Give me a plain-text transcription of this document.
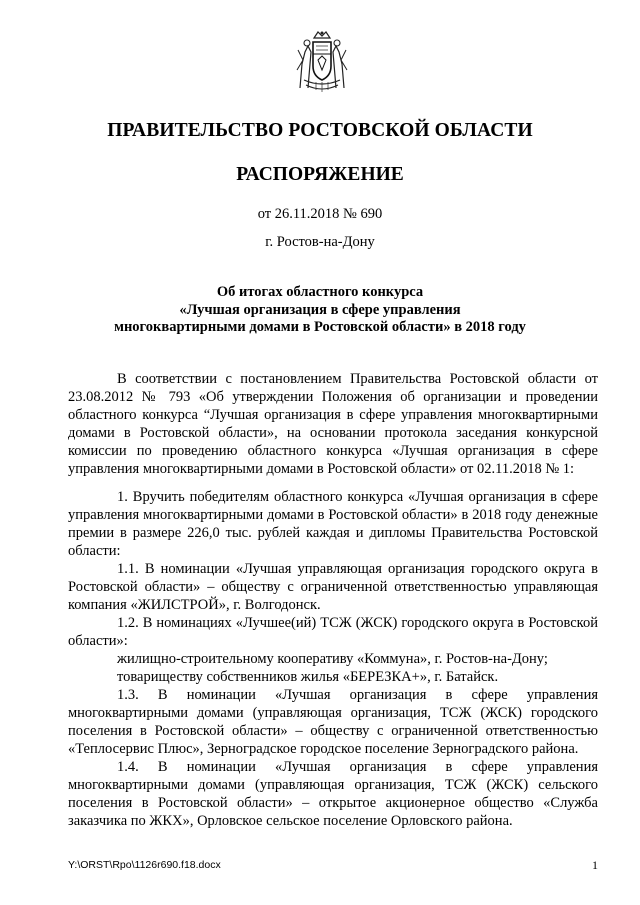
ПРАВИТЕЛЬСТВО РОСТОВСКОЙ ОБЛАСТИ
РАСПОРЯЖЕНИЕ
от 26.11.2018 № 690
г. Ростов-на-Дону
Об итогах областного конкурса
«Лучшая организация в сфере управления
многоквартирными домами в Ростовской области» в 2018 году

В соответствии с постановлением Правительства Ростовской области от 23.08.2012 № 793 «Об утверждении Положения об организации и проведении областного конкурса “Лучшая организация в сфере управления многоквартирными домами в Ростовской области», на основании протокола заседания конкурсной комиссии по проведению областного конкурса «Лучшая организация в сфере управления многоквартирными домами в Ростовской области» от 02.11.2018 № 1:

1. Вручить победителям областного конкурса «Лучшая организация в сфере управления многоквартирными домами в Ростовской области» в 2018 году денежные премии в размере 226,0 тыс. рублей каждая и дипломы Правительства Ростовской области:

1.1. В номинации «Лучшая управляющая организация городского округа в Ростовской области» – обществу с ограниченной ответственностью управляющая компания «ЖИЛСТРОЙ», г. Волгодонск.

1.2. В номинациях «Лучшее(ий) ТСЖ (ЖСК) городского округа в Ростовской области»:

жилищно-строительному кооперативу «Коммуна», г. Ростов-на-Дону;

товариществу собственников жилья «БЕРЕЗКА+», г. Батайск.

1.3. В номинации «Лучшая организация в сфере управления многоквартирными домами (управляющая организация, ТСЖ (ЖСК) городского поселения в Ростовской области» – обществу с ограниченной ответственностью «Теплосервис Плюс», Зерноградское городское поселение Зерноградского района.

1.4. В номинации «Лучшая организация в сфере управления многоквартирными домами (управляющая организация, ТСЖ (ЖСК) сельского поселения в Ростовской области» – открытое акционерное общество «Служба заказчика по ЖКХ», Орловское сельское поселение Орловского района.

Y:\ORST\Rpo\1126r690.f18.docx	1
